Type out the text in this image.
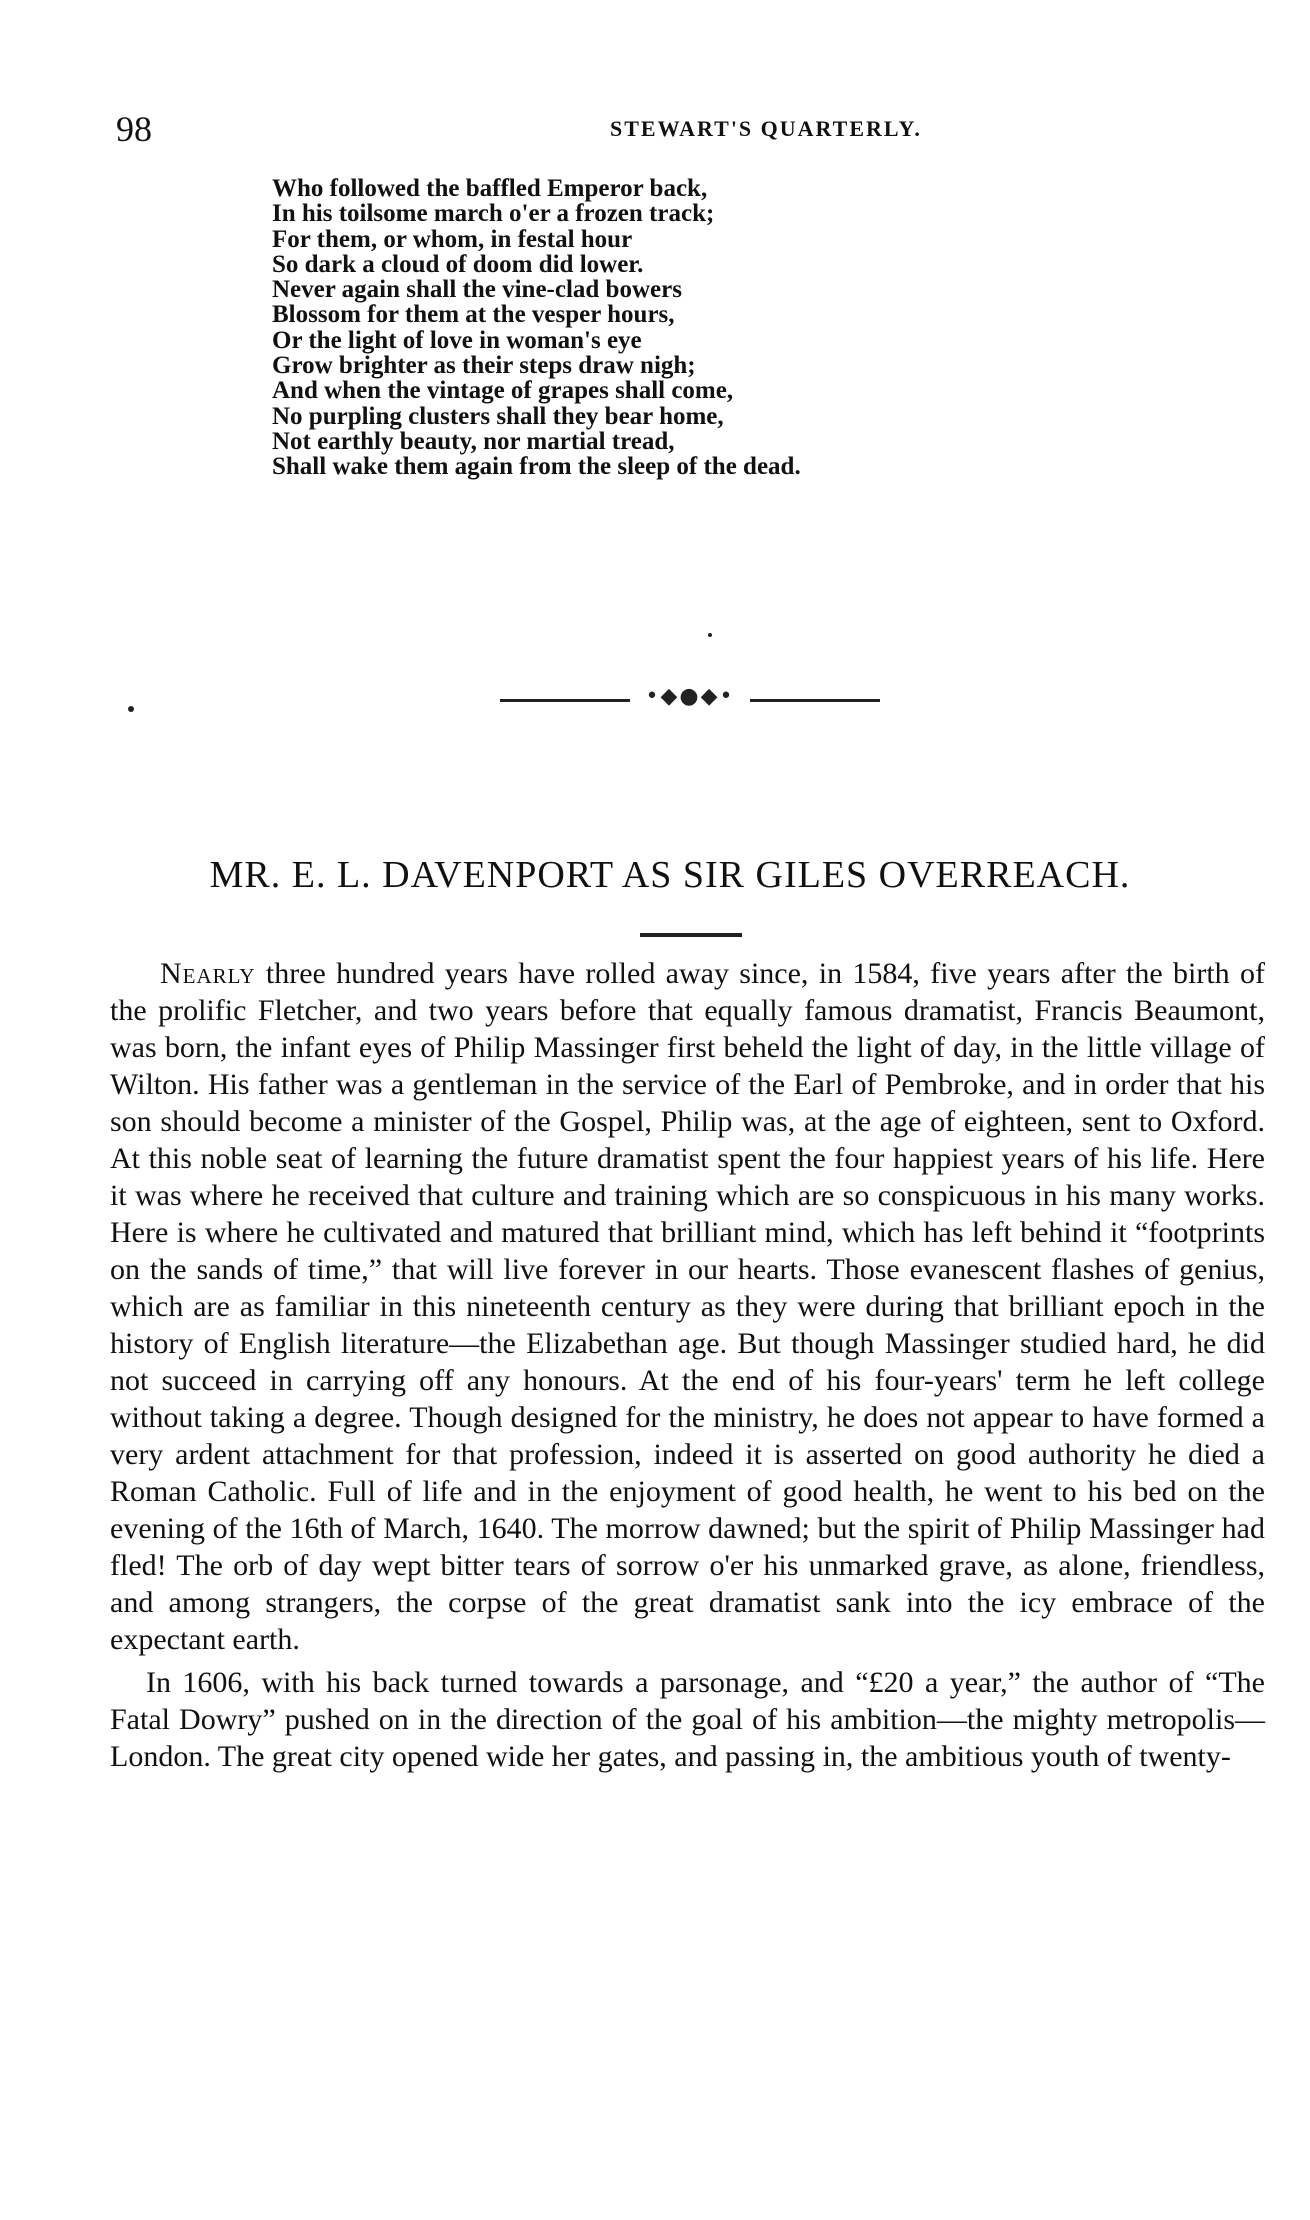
98	STEWART'S QUARTERLY.
Who followed the baffled Emperor back,
In his toilsome march o'er a frozen track;
For them, or whom, in festal hour
So dark a cloud of doom did lower.
Never again shall the vine-clad bowers
Blossom for them at the vesper hours,
Or the light of love in woman's eye
Grow brighter as their steps draw nigh;
And when the vintage of grapes shall come,
No purpling clusters shall they bear home,
Not earthly beauty, nor martial tread,
Shall wake them again from the sleep of the dead.
•◆●◆•
MR. E. L. DAVENPORT AS SIR GILES OVERREACH.

Nearly three hundred years have rolled away since, in 1584, five years after the birth of the prolific Fletcher, and two years before that equally famous dramatist, Francis Beaumont, was born, the infant eyes of Philip Massinger first beheld the light of day, in the little village of Wilton. His father was a gentleman in the service of the Earl of Pembroke, and in order that his son should become a minister of the Gospel, Philip was, at the age of eighteen, sent to Oxford. At this noble seat of learning the future dramatist spent the four happiest years of his life. Here it was where he received that culture and training which are so conspicuous in his many works. Here is where he cultivated and matured that brilliant mind, which has left behind it “footprints on the sands of time,” that will live forever in our hearts. Those evanescent flashes of genius, which are as familiar in this nineteenth century as they were during that brilliant epoch in the history of English literature—the Elizabethan age. But though Massinger studied hard, he did not succeed in carrying off any honours. At the end of his four-years' term he left college without taking a degree. Though designed for the ministry, he does not appear to have formed a very ardent attachment for that profession, indeed it is asserted on good authority he died a Roman Catholic. Full of life and in the enjoyment of good health, he went to his bed on the evening of the 16th of March, 1640. The morrow dawned; but the spirit of Philip Massinger had fled! The orb of day wept bitter tears of sorrow o'er his unmarked grave, as alone, friendless, and among strangers, the corpse of the great dramatist sank into the icy embrace of the expectant earth.

In 1606, with his back turned towards a parsonage, and “£20 a year,” the author of “The Fatal Dowry” pushed on in the direction of the goal of his ambition—the mighty metropolis—London. The great city opened wide her gates, and passing in, the ambitious youth of twenty-
